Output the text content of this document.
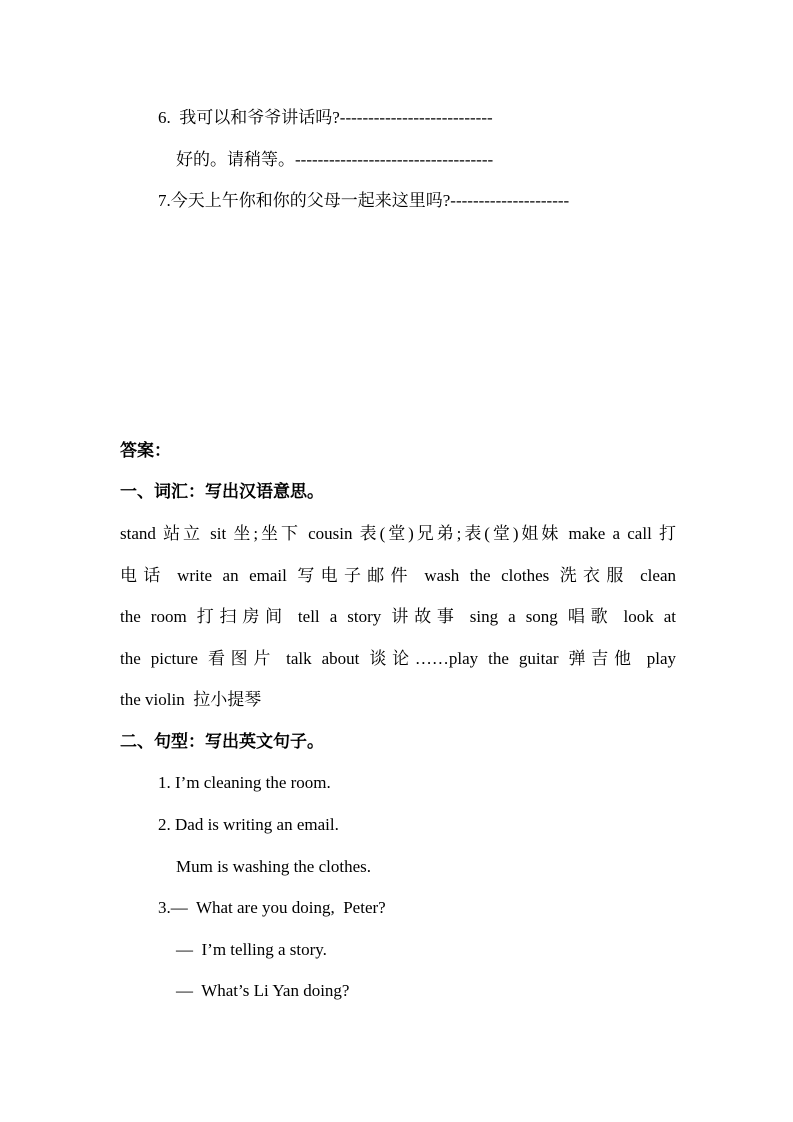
6.  我可以和爷爷讲话吗?---------------------------
好的。请稍等。-----------------------------------
7.今天上午你和你的父母一起来这里吗?---------------------
答案：
一、词汇：写出汉语意思。
stand 站立 sit 坐;坐下 cousin 表(堂)兄弟;表(堂)姐妹 make a call 打
电话 write an email 写电子邮件 wash the clothes 洗衣服 clean
the room 打扫房间 tell a story 讲故事 sing a song 唱歌 look at
the picture 看图片 talk about 谈论……play the guitar 弹吉他 play
the violin  拉小提琴
二、句型：写出英文句子。
1. I’m cleaning the room.
2. Dad is writing an email.
Mum is washing the clothes.
3.—  What are you doing,  Peter?
—  I’m telling a story.
—  What’s Li Yan doing?
